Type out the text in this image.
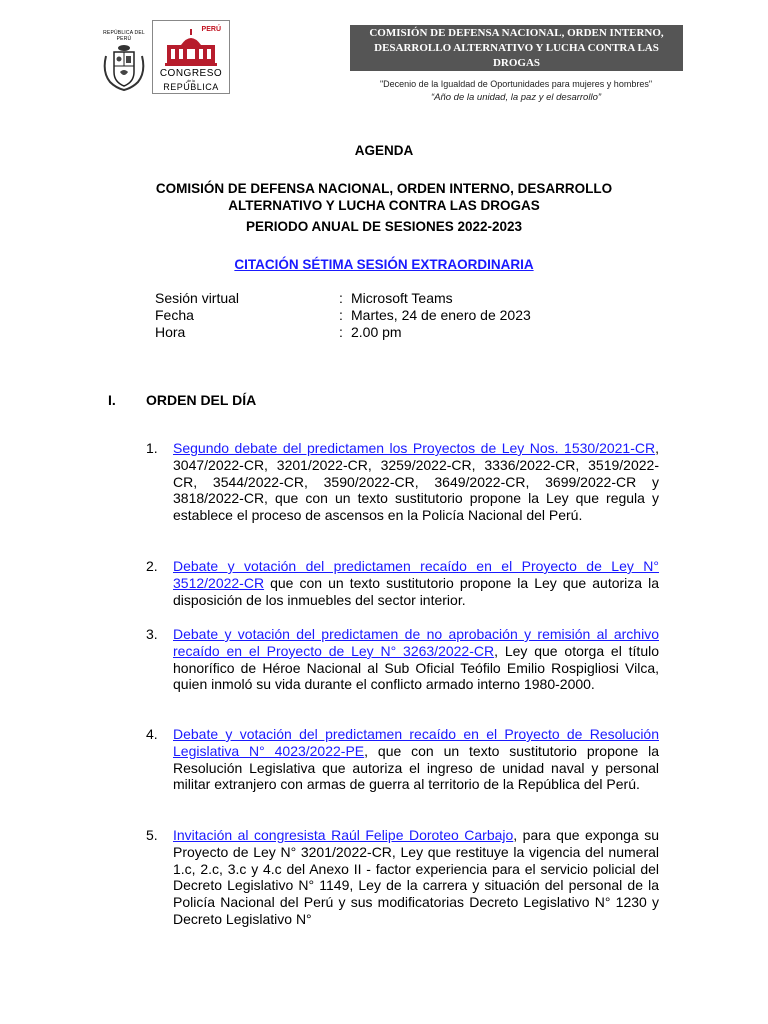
REPÚBLICA DEL PERÚ
PERÚ
CONGRESO
de la
REPÚBLICA
COMISIÓN DE DEFENSA NACIONAL, ORDEN INTERNO, DESARROLLO ALTERNATIVO Y LUCHA CONTRA LAS DROGAS
"Decenio de la Igualdad de Oportunidades para mujeres y hombres"
“Año de la unidad, la paz y el desarrollo”
AGENDA
COMISIÓN DE DEFENSA NACIONAL, ORDEN INTERNO, DESARROLLO
ALTERNATIVO Y LUCHA CONTRA LAS DROGAS
PERIODO ANUAL DE SESIONES 2022-2023
CITACIÓN SÉTIMA SESIÓN EXTRAORDINARIA
Sesión virtual	: Microsoft Teams
Fecha	: Martes, 24 de enero de 2023
Hora	: 2.00 pm
I. ORDEN DEL DÍA
1. Segundo debate del predictamen los Proyectos de Ley Nos. 1530/2021-CR, 3047/2022-CR, 3201/2022-CR, 3259/2022-CR, 3336/2022-CR, 3519/2022-CR, 3544/2022-CR, 3590/2022-CR, 3649/2022-CR, 3699/2022-CR y 3818/2022-CR, que con un texto sustitutorio propone la Ley que regula y establece el proceso de ascensos en la Policía Nacional del Perú.
2. Debate y votación del predictamen recaído en el Proyecto de Ley N° 3512/2022-CR que con un texto sustitutorio propone la Ley que autoriza la disposición de los inmuebles del sector interior.
3. Debate y votación del predictamen de no aprobación y remisión al archivo recaído en el Proyecto de Ley N° 3263/2022-CR, Ley que otorga el título honorífico de Héroe Nacional al Sub Oficial Teófilo Emilio Rospigliosi Vilca, quien inmoló su vida durante el conflicto armado interno 1980-2000.
4. Debate y votación del predictamen recaído en el Proyecto de Resolución Legislativa N° 4023/2022-PE, que con un texto sustitutorio propone la Resolución Legislativa que autoriza el ingreso de unidad naval y personal militar extranjero con armas de guerra al territorio de la República del Perú.
5. Invitación al congresista Raúl Felipe Doroteo Carbajo, para que exponga su Proyecto de Ley N° 3201/2022-CR, Ley que restituye la vigencia del numeral 1.c, 2.c, 3.c y 4.c del Anexo II - factor experiencia para el servicio policial del Decreto Legislativo N° 1149, Ley de la carrera y situación del personal de la Policía Nacional del Perú y sus modificatorias Decreto Legislativo N° 1230 y Decreto Legislativo N°
